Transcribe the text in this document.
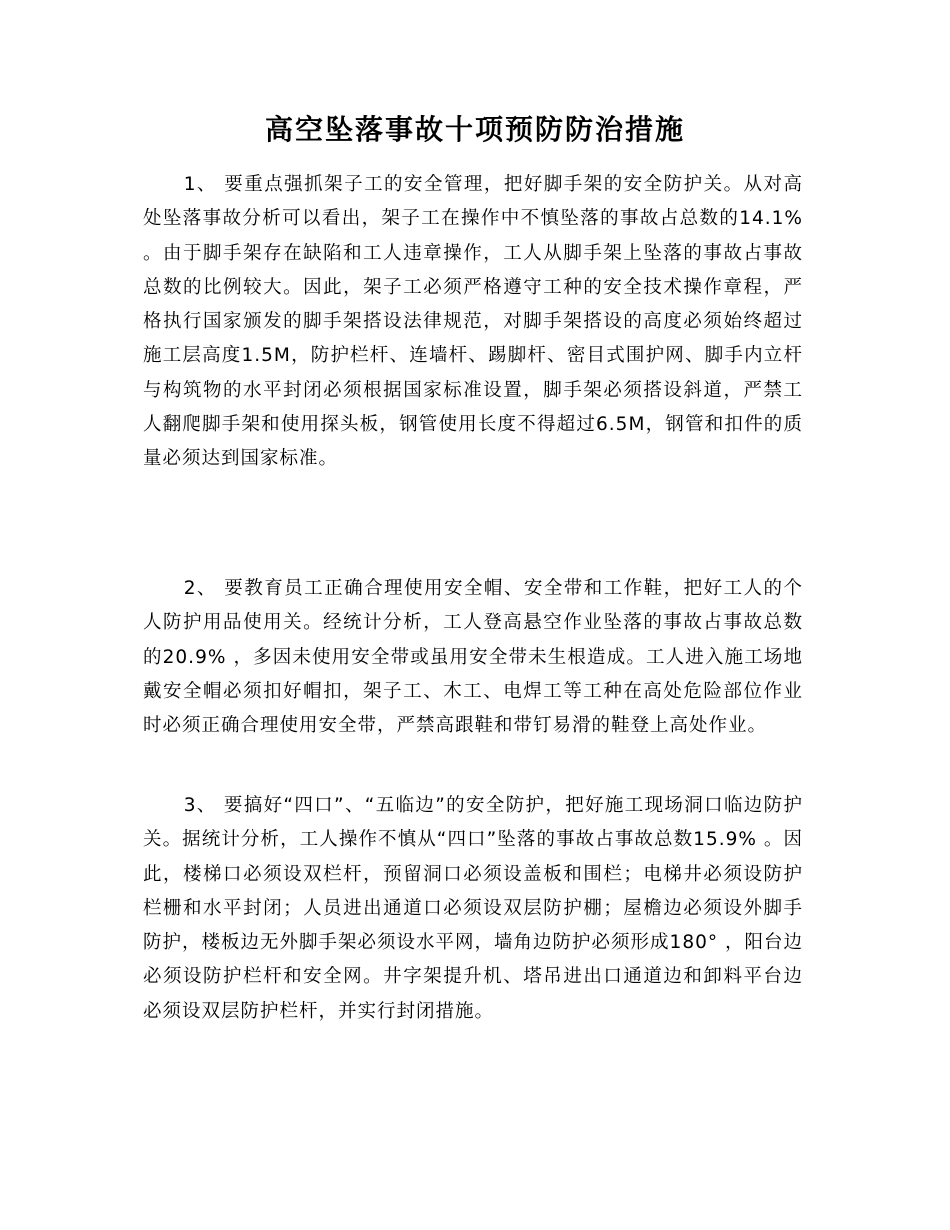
高空坠落事故十项预防防治措施

1、 要重点强抓架子工的安全管理，把好脚手架的安全防护关。从对高处坠落事故分析可以看出，架子工在操作中不慎坠落的事故占总数的14.1% 。由于脚手架存在缺陷和工人违章操作，工人从脚手架上坠落的事故占事故总数的比例较大。因此，架子工必须严格遵守工种的安全技术操作章程，严格执行国家颁发的脚手架搭设法律规范，对脚手架搭设的高度必须始终超过施工层高度1.5M，防护栏杆、连墙杆、踢脚杆、密目式围护网、脚手内立杆与构筑物的水平封闭必须根据国家标准设置，脚手架必须搭设斜道，严禁工人翻爬脚手架和使用探头板，钢管使用长度不得超过6.5M，钢管和扣件的质量必须达到国家标准。

2、 要教育员工正确合理使用安全帽、安全带和工作鞋，把好工人的个人防护用品使用关。经统计分析，工人登高悬空作业坠落的事故占事故总数的20.9% ，多因未使用安全带或虽用安全带未生根造成。工人进入施工场地戴安全帽必须扣好帽扣，架子工、木工、电焊工等工种在高处危险部位作业时必须正确合理使用安全带，严禁高跟鞋和带钉易滑的鞋登上高处作业。

3、 要搞好“四口”、“五临边”的安全防护，把好施工现场洞口临边防护关。据统计分析，工人操作不慎从“四口”坠落的事故占事故总数15.9% 。因此，楼梯口必须设双栏杆，预留洞口必须设盖板和围栏；电梯井必须设防护栏栅和水平封闭；人员进出通道口必须设双层防护棚；屋檐边必须设外脚手防护，楼板边无外脚手架必须设水平网，墙角边防护必须形成180° ，阳台边必须设防护栏杆和安全网。井字架提升机、塔吊进出口通道边和卸料平台边必须设双层防护栏杆，并实行封闭措施。
